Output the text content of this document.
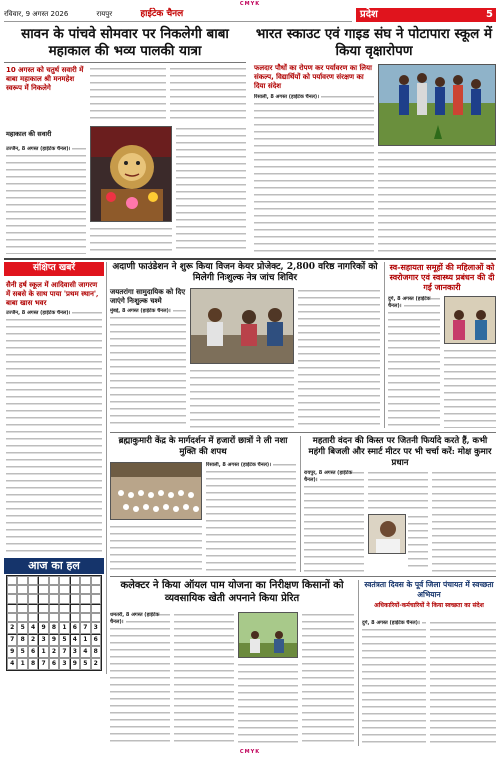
CMYK
रविवार, 9 अगस्त 2026	रायपुर	हाईटेक चैनल	प्रदेश	5
सावन के पांचवे सोमवार पर निकलेगी बाबा महाकाल की भव्य पालकी यात्रा
10 अगस्त को चतुर्थ सवारी में बाबा महाकाल श्री मनमहेश स्वरूप में निकलेगे
महाकाल की सवारी
उज्जैन, 8 अगस्त (हाईटेक चैनल)।
भारत स्काउट एवं गाइड संघ ने पोटापारा स्कूल में किया वृक्षारोपण
फलदार पौधों का रोपण कर पर्यावरण का लिया संकल्प, विद्यार्थियों को पर्यावरण संरक्षण का दिया संदेश
रिसाली, 8 अगस्त (हाईटेक चैनल)।
संक्षिप्त खबरें
सैनी हर्ष स्कूल में आदिवासी जागरण में सबसे के साथ पाया 'प्रथम स्थान', बाबा खास भवर
उज्जैन, 8 अगस्त (हाईटेक चैनल)।
आज का हल
2	5	4	9	8	1	6	7	3
7	8	2	3	9	5	4	1	6
9	5	6	1	2	7	3	4	8
4	1	8	7	6	3	9	5	2
अदाणी फाउंडेशन ने शुरू किया विजन केयर प्रोजेक्ट, 2,800 वरिष्ठ नागरिकों को मिलेगी निःशुल्क नेत्र जांच शिविर
जयतरांगा सामुदायिक को दिए जाएंगे निःशुल्क चश्मे
मुंबई, 8 अगस्त (हाईटेक चैनल)।
स्व-सहायता समूहों की महिलाओं को स्वरोजगार एवं स्वास्थ्य प्रबंधन की दी गई जानकारी
दुर्ग, 8 अगस्त (हाईटेक चैनल)।
ब्रह्माकुमारी केंद्र के मार्गदर्शन में हजारों छात्रों ने ली नशा मुक्ति की शपथ
रिसाली, 8 अगस्त (हाईटेक चैनल)।
महतारी वंदन की किस्त पर जितनी फिर्यादे करते हैं, कभी महंगी बिजली और स्मार्ट मीटर पर भी चर्चा करें: मोक्ष कुमार प्रधान
रायपुर, 8 अगस्त (हाईटेक चैनल)।
कलेक्टर ने किया ऑयल पाम योजना का निरीक्षण किसानों को व्यवसायिक खेती अपनाने किया प्रेरित
धमतरी, 8 अगस्त (हाईटेक चैनल)।
स्वतंत्रता दिवस के पूर्व जिला पंचायत में स्वच्छता अभियान
अधिकारियों-कर्मचारियों ने किया स्वच्छता का संदेश
दुर्ग, 8 अगस्त (हाईटेक चैनल)।
CMYK
